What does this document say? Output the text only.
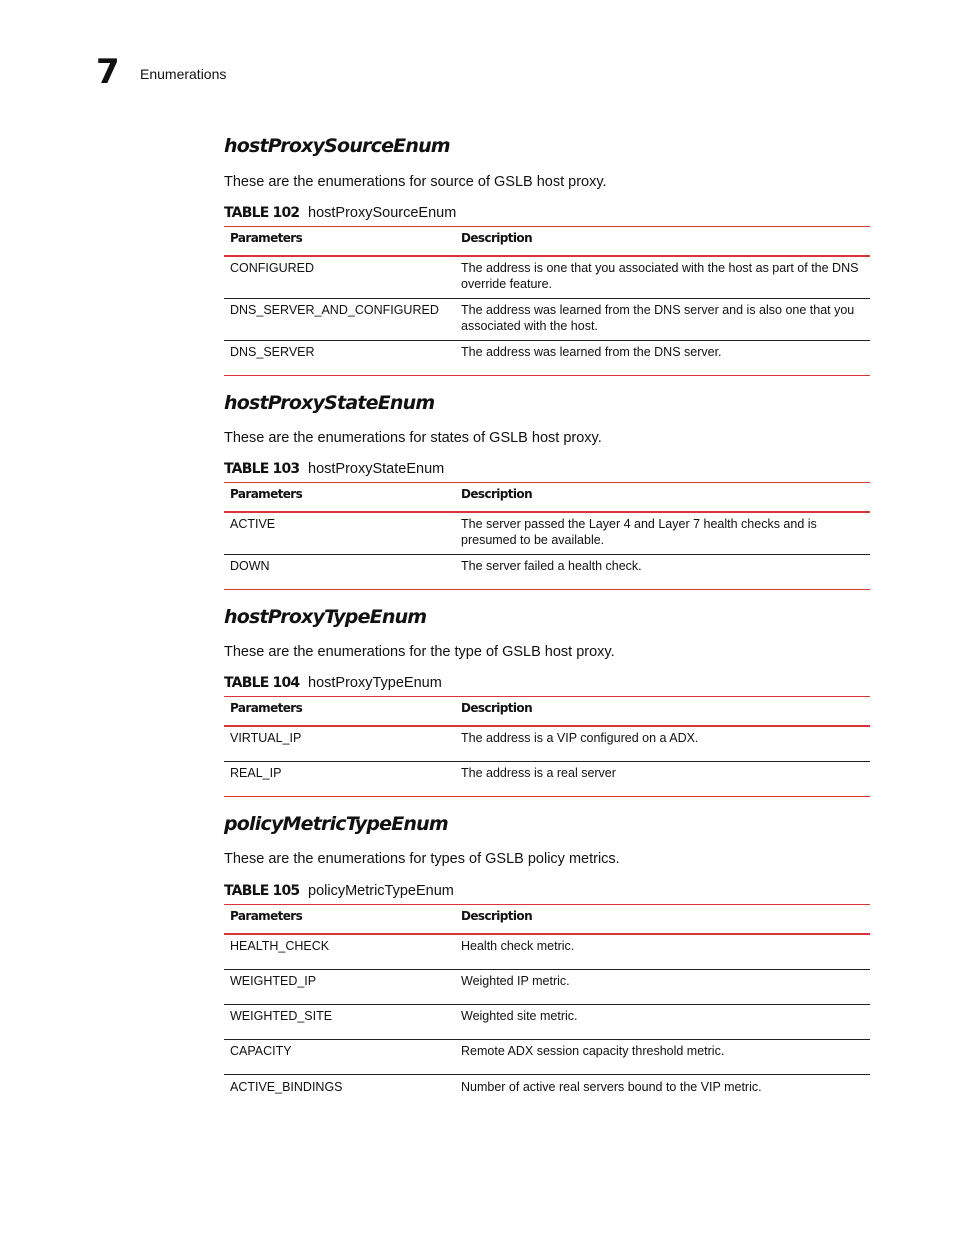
7 Enumerations
hostProxySourceEnum

These are the enumerations for source of GSLB host proxy.

TABLE 102 hostProxySourceEnum
Parameters	Description
CONFIGURED	The address is one that you associated with the host as part of the DNS override feature.
DNS_SERVER_AND_CONFIGURED	The address was learned from the DNS server and is also one that you associated with the host.
DNS_SERVER	The address was learned from the DNS server.
hostProxyStateEnum

These are the enumerations for states of GSLB host proxy.

TABLE 103 hostProxyStateEnum
Parameters	Description
ACTIVE	The server passed the Layer 4 and Layer 7 health checks and is presumed to be available.
DOWN	The server failed a health check.
hostProxyTypeEnum

These are the enumerations for the type of GSLB host proxy.

TABLE 104 hostProxyTypeEnum
Parameters	Description
VIRTUAL_IP	The address is a VIP configured on a ADX.
REAL_IP	The address is a real server
policyMetricTypeEnum

These are the enumerations for types of GSLB policy metrics.

TABLE 105 policyMetricTypeEnum
Parameters	Description
HEALTH_CHECK	Health check metric.
WEIGHTED_IP	Weighted IP metric.
WEIGHTED_SITE	Weighted site metric.
CAPACITY	Remote ADX session capacity threshold metric.
ACTIVE_BINDINGS	Number of active real servers bound to the VIP metric.
